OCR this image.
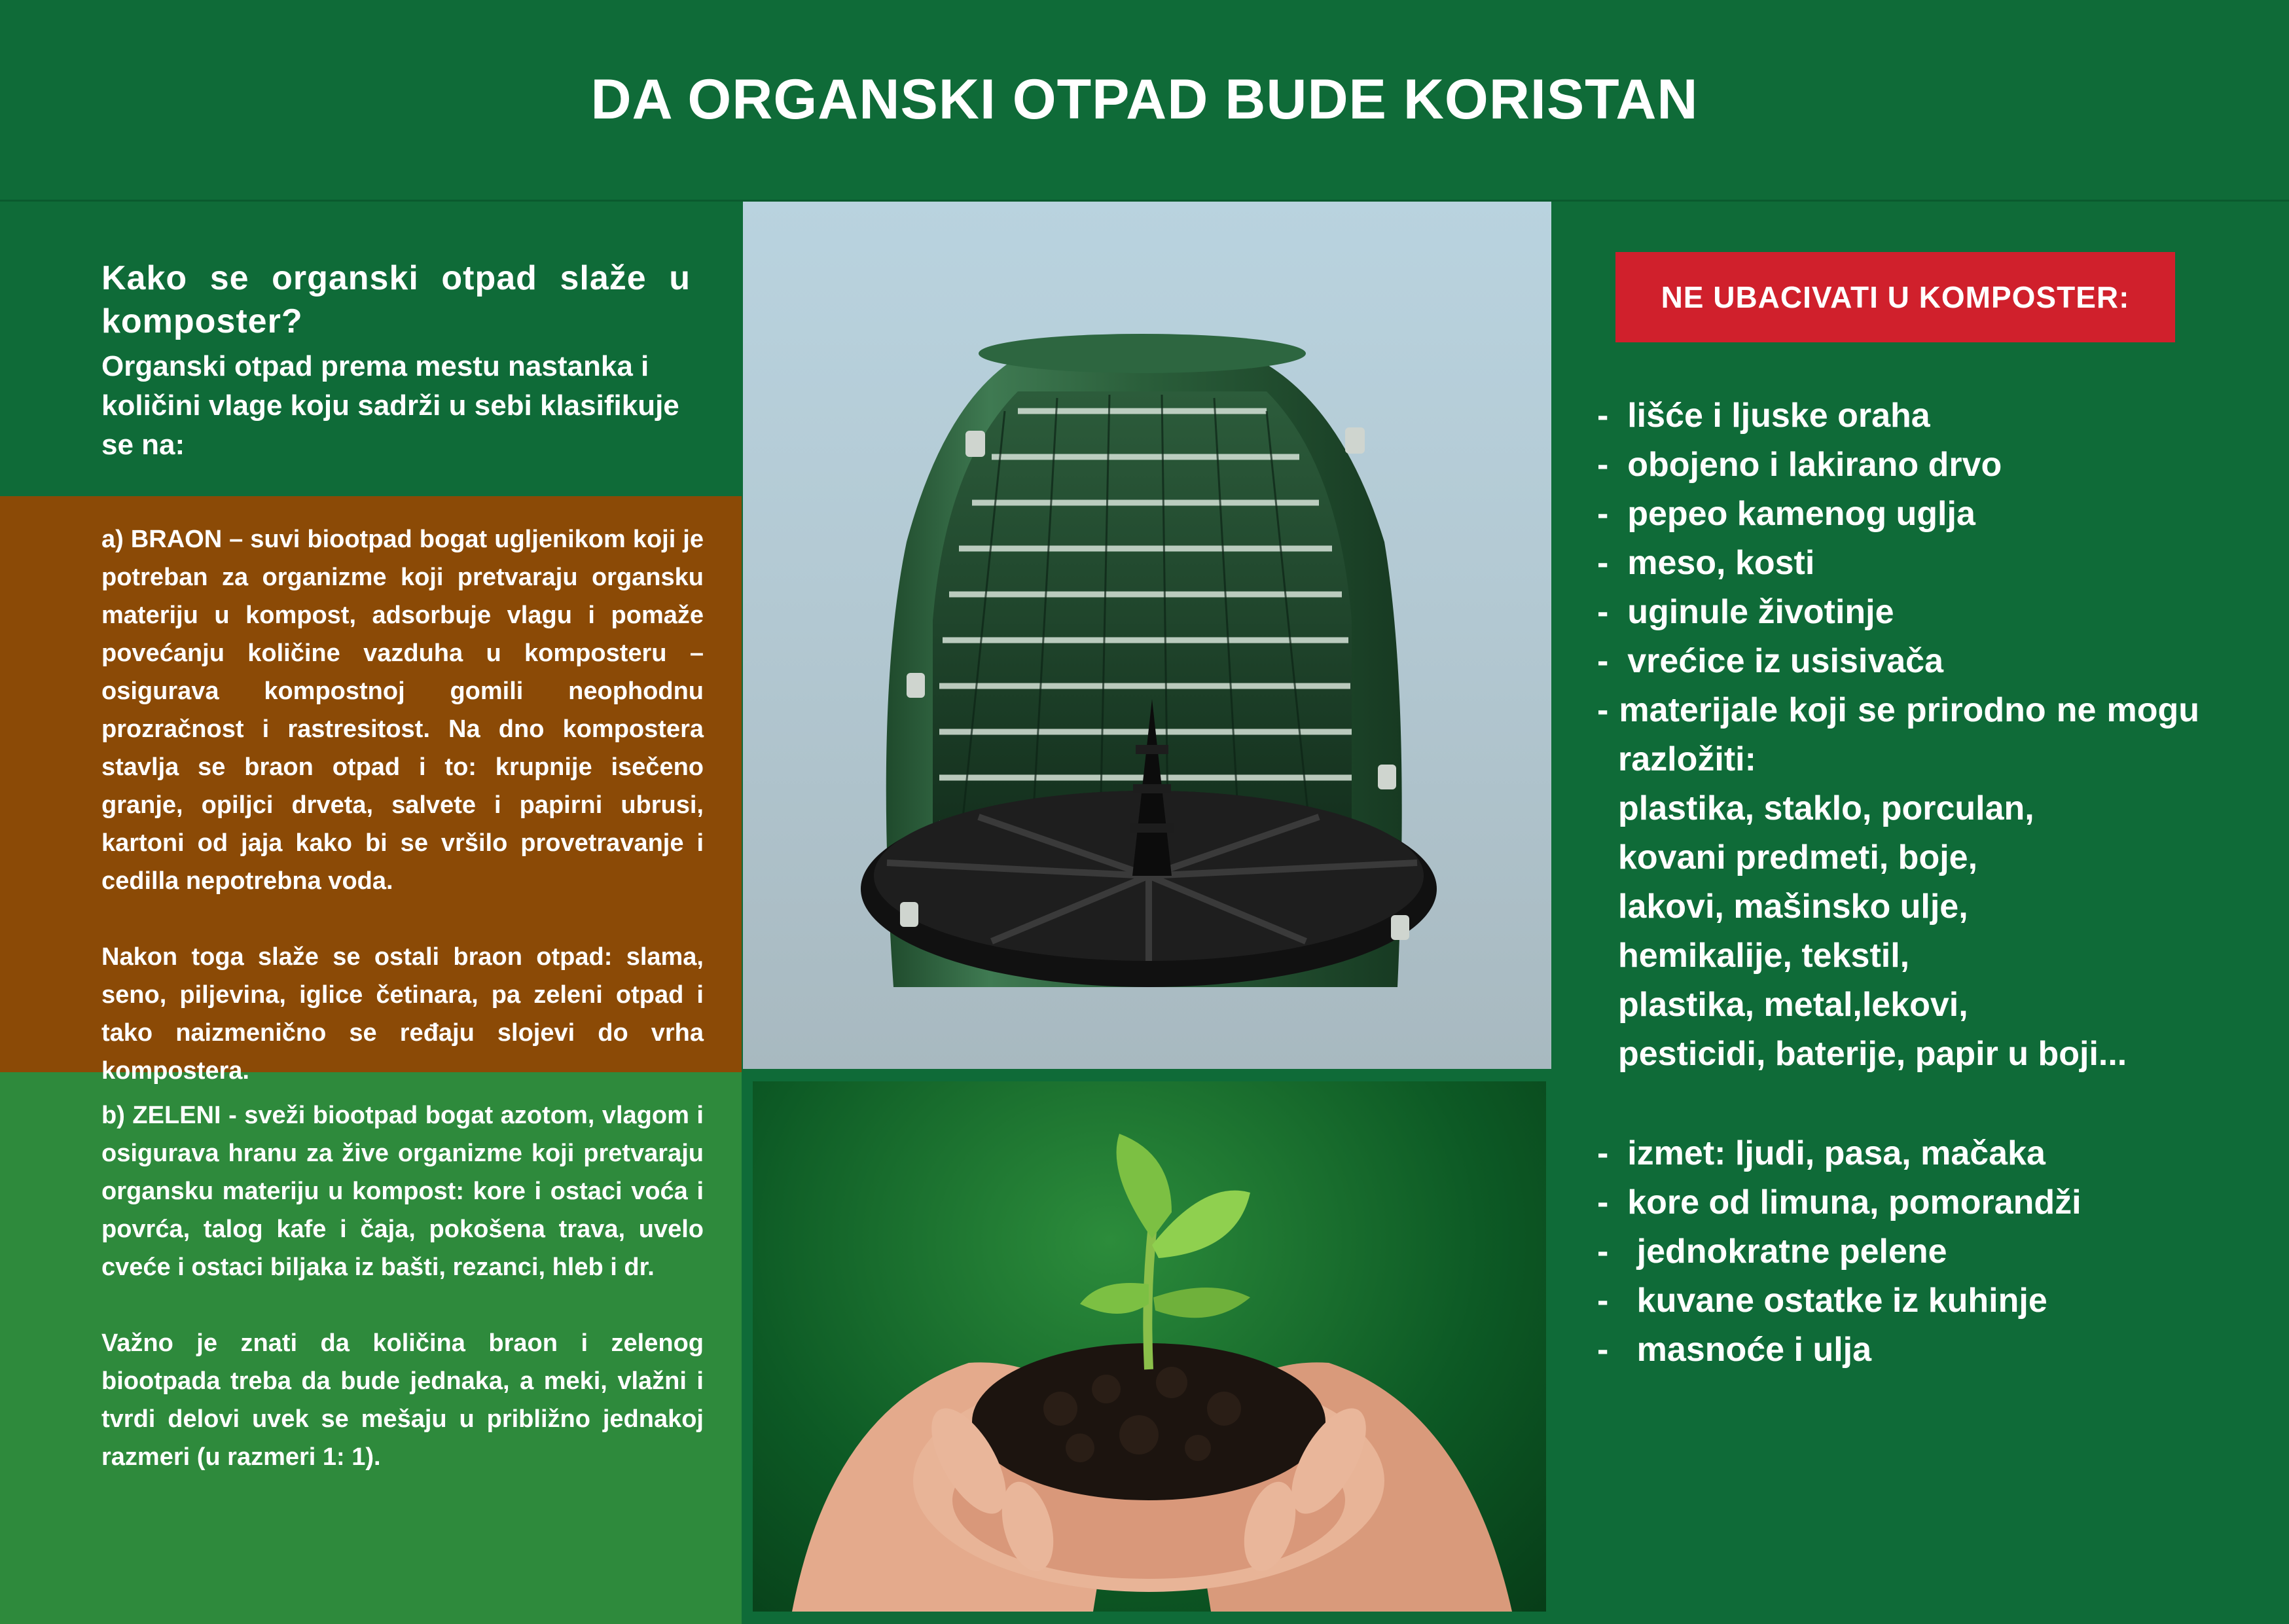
DA ORGANSKI OTPAD BUDE KORISTAN
Kako se organski otpad slaže u komposter?
Organski otpad prema mestu nastanka i količini vlage koju sadrži u sebi klasifikuje se na:

a) BRAON – suvi biootpad bogat ugljenikom koji je potreban za organizme koji pretvaraju organsku materiju u kompost, adsorbuje vlagu i pomaže povećanju količine vazduha u komposteru – osigurava kompostnoj gomili neophodnu prozračnost i rastresitost. Na dno kompostera stavlja se braon otpad i to: krupnije isečeno granje, opiljci drveta, salvete i papirni ubrusi, kartoni od jaja kako bi se vršilo provetravanje i cedilla nepotrebna voda.

Nakon toga slaže se ostali braon otpad: slama, seno, piljevina, iglice četinara, pa zeleni otpad i tako naizmenično se ređaju slojevi do vrha kompostera.

b) ZELENI - sveži biootpad bogat azotom, vlagom i osigurava hranu za žive organizme koji pretvaraju organsku materiju u kompost: kore i ostaci voća i povrća, talog kafe i čaja, pokošena trava, uvelo cveće i ostaci biljaka iz bašti, rezanci, hleb i dr.

Važno je znati da količina braon i zelenog biootpada treba da bude jednaka, a meki, vlažni i tvrdi delovi uvek se mešaju u približno jednakoj razmeri (u razmeri 1: 1).

NE UBACIVATI U KOMPOSTER:
-  lišće i ljuske oraha
-  obojeno i lakirano drvo
-  pepeo kamenog uglja
-  meso, kosti
-  uginule životinje
-  vrećice iz usisivača
- materijale koji se prirodno ne mogu
razložiti:
plastika, staklo, porculan,
kovani predmeti, boje,
lakovi, mašinsko ulje,
hemikalije, tekstil,
plastika, metal,lekovi,
pesticidi, baterije, papir u boji...
-  izmet: ljudi, pasa, mačaka
-  kore od limuna, pomorandži
-   jednokratne pelene
-   kuvane ostatke iz kuhinje
-   masnoće i ulja
